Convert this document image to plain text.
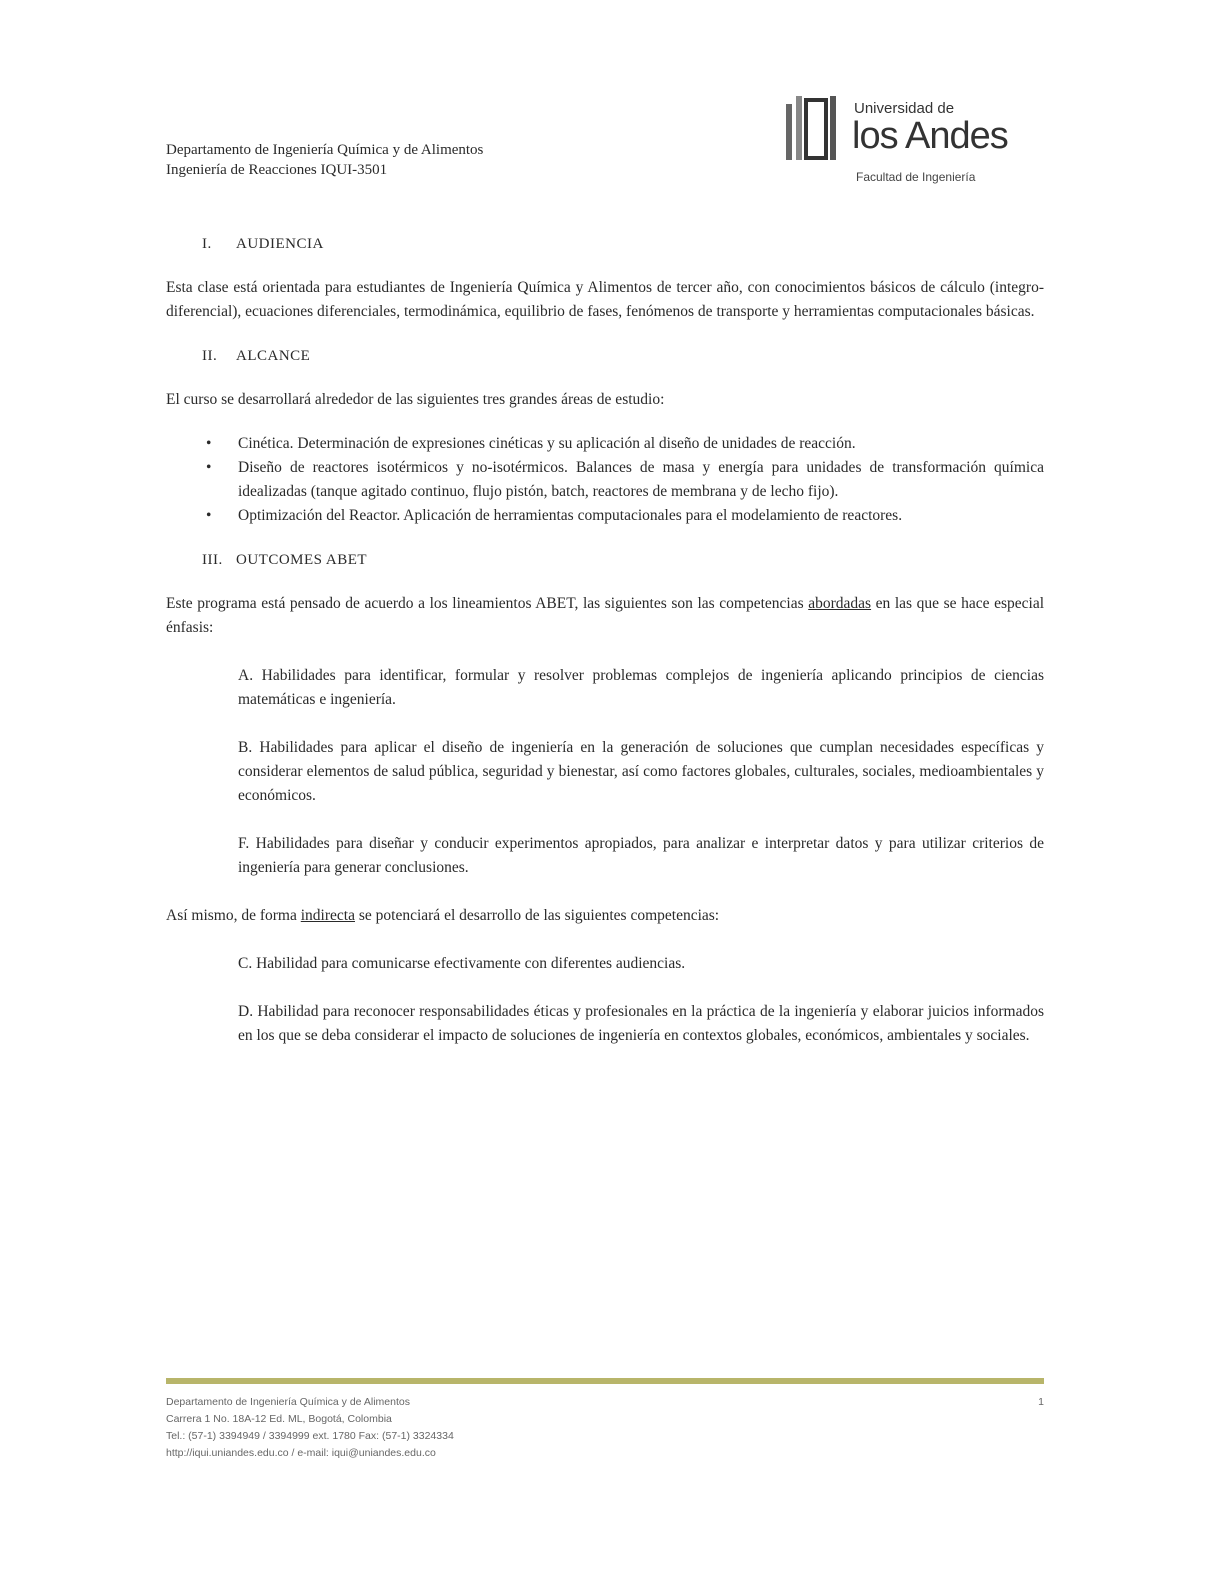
Departamento de Ingeniería Química y de Alimentos
Ingeniería de Reacciones IQUI-3501
Universidad de
los Andes
Facultad de Ingeniería
I. AUDIENCIA

Esta clase está orientada para estudiantes de Ingeniería Química y Alimentos de tercer año, con conocimientos básicos de cálculo (integro-diferencial), ecuaciones diferenciales, termodinámica, equilibrio de fases, fenómenos de transporte y herramientas computacionales básicas.

II. ALCANCE

El curso se desarrollará alrededor de las siguientes tres grandes áreas de estudio:

• Cinética. Determinación de expresiones cinéticas y su aplicación al diseño de unidades de reacción.
• Diseño de reactores isotérmicos y no-isotérmicos. Balances de masa y energía para unidades de transformación química idealizadas (tanque agitado continuo, flujo pistón, batch, reactores de membrana y de lecho fijo).
• Optimización del Reactor. Aplicación de herramientas computacionales para el modelamiento de reactores.
III. OUTCOMES ABET

Este programa está pensado de acuerdo a los lineamientos ABET, las siguientes son las competencias abordadas en las que se hace especial énfasis:

A. Habilidades para identificar, formular y resolver problemas complejos de ingeniería aplicando principios de ciencias matemáticas e ingeniería.

B. Habilidades para aplicar el diseño de ingeniería en la generación de soluciones que cumplan necesidades específicas y considerar elementos de salud pública, seguridad y bienestar, así como factores globales, culturales, sociales, medioambientales y económicos.

F. Habilidades para diseñar y conducir experimentos apropiados, para analizar e interpretar datos y para utilizar criterios de ingeniería para generar conclusiones.

Así mismo, de forma indirecta se potenciará el desarrollo de las siguientes competencias:

C. Habilidad para comunicarse efectivamente con diferentes audiencias.

D. Habilidad para reconocer responsabilidades éticas y profesionales en la práctica de la ingeniería y elaborar juicios informados en los que se deba considerar el impacto de soluciones de ingeniería en contextos globales, económicos, ambientales y sociales.

Departamento de Ingeniería Química y de Alimentos
Carrera 1 No. 18A-12 Ed. ML, Bogotá, Colombia
Tel.: (57-1) 3394949 / 3394999 ext. 1780 Fax: (57-1) 3324334
http://iqui.uniandes.edu.co / e-mail: iqui@uniandes.edu.co
1
